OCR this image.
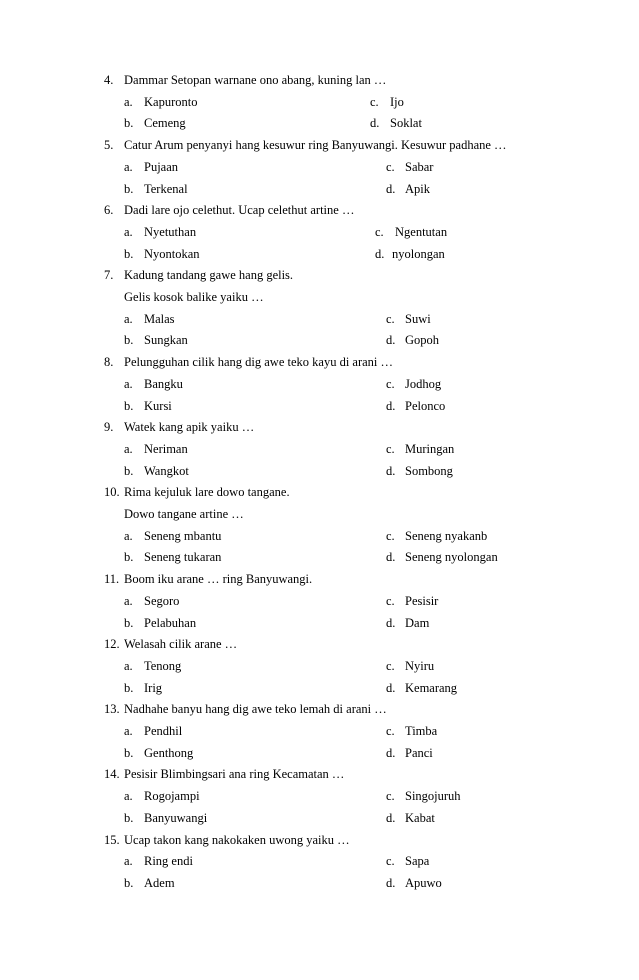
4. Dammar Setopan warnane ono abang, kuning lan …
a. Kapuronto	c. Ijo
b. Cemeng	d. Soklat
5. Catur Arum penyanyi hang kesuwur ring Banyuwangi. Kesuwur padhane …
a. Pujaan	c. Sabar
b. Terkenal	d. Apik
6. Dadi lare ojo celethut. Ucap celethut artine …
a. Nyetuthan	c. Ngentutan
b. Nyontokan	d. nyolongan
7. Kadung tandang gawe hang gelis.
Gelis kosok balike yaiku …
a. Malas	c. Suwi
b. Sungkan	d. Gopoh
8. Pelungguhan cilik hang dig awe teko kayu di arani …
a. Bangku	c. Jodhog
b. Kursi	d. Pelonco
9. Watek kang apik yaiku …
a. Neriman	c. Muringan
b. Wangkot	d. Sombong
10. Rima kejuluk lare dowo tangane.
Dowo tangane artine …
a. Seneng mbantu	c. Seneng nyakanb
b. Seneng tukaran	d. Seneng nyolongan
11. Boom iku arane … ring Banyuwangi.
a. Segoro	c. Pesisir
b. Pelabuhan	d. Dam
12. Welasah cilik arane …
a. Tenong	c. Nyiru
b. Irig	d. Kemarang
13. Nadhahe banyu hang dig awe teko lemah di arani …
a. Pendhil	c. Timba
b. Genthong	d. Panci
14. Pesisir Blimbingsari ana ring Kecamatan …
a. Rogojampi	c. Singojuruh
b. Banyuwangi	d. Kabat
15. Ucap takon kang nakokaken uwong yaiku …
a. Ring endi	c. Sapa
b. Adem	d. Apuwo
